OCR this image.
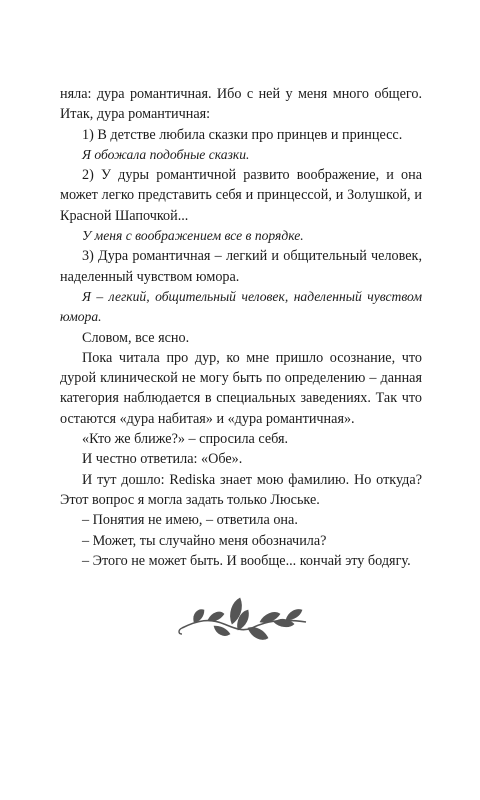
няла: дура романтичная. Ибо с ней у меня много общего. Итак, дура романтичная:

1) В детстве любила сказки про принцев и принцесс.

Я обожала подобные сказки.

2) У дуры романтичной развито воображение, и она может легко представить себя и принцессой, и Золушкой, и Красной Шапочкой...

У меня с воображением все в порядке.

3) Дура романтичная – легкий и общительный человек, наделенный чувством юмора.

Я – легкий, общительный человек, наделенный чувством юмора.

Словом, все ясно.

Пока читала про дур, ко мне пришло осознание, что дурой клинической не могу быть по определению – данная категория наблюдается в специальных заведениях. Так что остаются «дура набитая» и «дура романтичная».

«Кто же ближе?» – спросила себя.

И честно ответила: «Обе».

И тут дошло: Rediska знает мою фамилию. Но откуда? Этот вопрос я могла задать только Люське.

– Понятия не имею, – ответила она.

– Может, ты случайно меня обозначила?

– Этого не может быть. И вообще... кончай эту бодягу.
